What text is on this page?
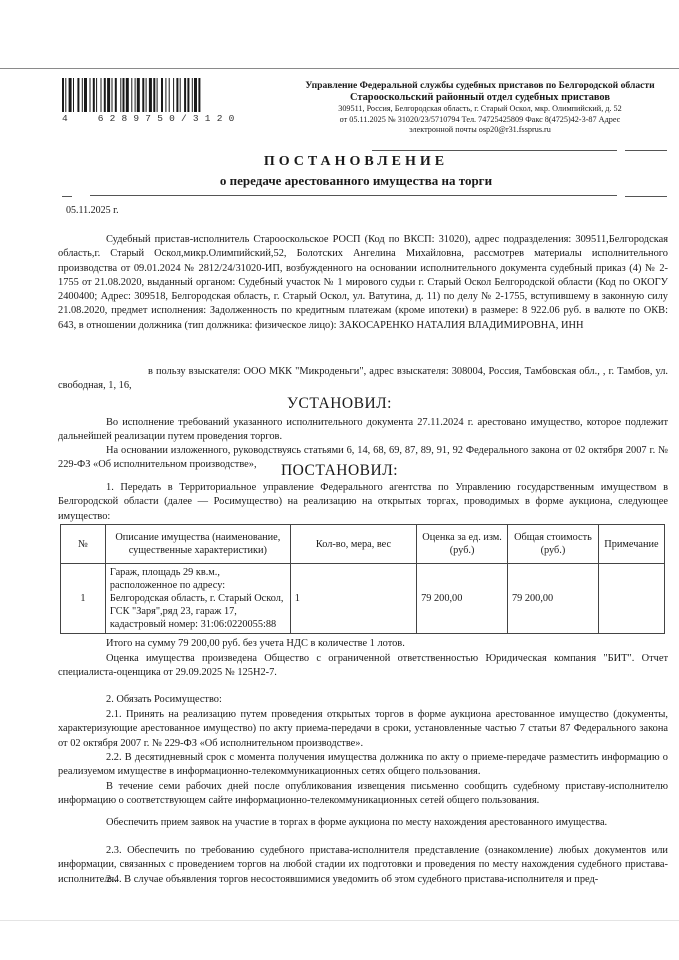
4  6289750/3120
Управление Федеральной службы судебных приставов по Белгородской области
Старооскольский районный отдел судебных приставов
309511, Россия, Белгородская область, г. Старый Оскол, мкр. Олимпийский, д. 52
от 05.11.2025 № 31020/23/5710794 Тел. 74725425809 Факс 8(4725)42-3-87 Адрес
электронной почты osp20@r31.fssprus.ru
ПОСТАНОВЛЕНИЕ
о передаче арестованного имущества на торги
05.11.2025 г.
Судебный пристав-исполнитель Старооскольское РОСП (Код по ВКСП: 31020), адрес подразделения: 309511,Белгородская область,г. Старый Оскол,микр.Олимпийский,52, Болотских Ангелина Михайловна, рассмотрев материалы исполнительного производства от 09.01.2024 № 2812/24/31020-ИП, возбужденного на основании исполнительного документа судебный приказ (4) № 2-1755 от 21.08.2020, выданный органом: Судебный участок № 1 мирового судьи г. Старый Оскол Белгородской области (Код по ОКОГУ 2400400; Адрес: 309518, Белгородская область, г. Старый Оскол, ул. Ватутина, д. 11) по делу № 2-1755, вступившему в законную силу 21.08.2020, предмет исполнения: Задолженность по кредитным платежам (кроме ипотеки) в размере: 8 922.06 руб. в валюте по ОКВ: 643, в отношении должника (тип должника: физическое лицо): ЗАКОСАРЕНКО НАТАЛИЯ ВЛАДИМИРОВНА, ИНН
в пользу взыскателя: ООО МКК "Микроденьги", адрес взыскателя: 308004, Россия, Тамбовская обл., , г. Тамбов, ул. свободная, 1, 16,
УСТАНОВИЛ:
Во исполнение требований указанного исполнительного документа 27.11.2024 г. арестовано имущество, которое подлежит дальнейшей реализации путем проведения торгов.
На основании изложенного, руководствуясь статьями 6, 14, 68, 69, 87, 89, 91, 92 Федерального закона от 02 октября 2007 г. № 229-ФЗ «Об исполнительном производстве»,	ПОСТАНОВИЛ:
1. Передать в Территориальное управление Федерального агентства по Управлению государственным имуществом в Белгородской области (далее — Росимущество) на реализацию на открытых торгах, проводимых в форме аукциона, следующее имущество:
№	Описание имущества (наименование, существенные характеристики)	Кол-во, мера, вес	Оценка за ед. изм. (руб.)	Общая стоимость (руб.)	Примечание
1	Гараж, площадь 29 кв.м., расположенное по адресу: Белгородская область, г. Старый Оскол, ГСК "Заря",ряд 23, гараж 17, кадастровый номер: 31:06:0220055:88	1	79 200,00	79 200,00	
Итого на сумму 79 200,00 руб. без учета НДС в количестве 1 лотов.
Оценка имущества произведена Общество с ограниченной ответственностью Юридическая компания "БИТ". Отчет специалиста-оценщика от 29.09.2025 № 125Н2-7.
2. Обязать Росимущество:
2.1. Принять на реализацию путем проведения открытых торгов в форме аукциона арестованное имущество (документы, характеризующие арестованное имущество) по акту приема-передачи в сроки, установленные частью 7 статьи 87 Федерального закона от 02 октября 2007 г. № 229-ФЗ «Об исполнительном производстве».
2.2. В десятидневный срок с момента получения имущества должника по акту о приеме-передаче разместить информацию о реализуемом имуществе в информационно-телекоммуникационных сетях общего пользования.
В течение семи рабочих дней после опубликования извещения письменно сообщить судебному приставу-исполнителю информацию о соответствующем сайте информационно-телекоммуникационных сетей общего пользования.
Обеспечить прием заявок на участие в торгах в форме аукциона по месту нахождения арестованного имущества.
2.3. Обеспечить по требованию судебного пристава-исполнителя представление (ознакомление) любых документов или информации, связанных с проведением торгов на любой стадии их подготовки и проведения по месту нахождения судебного пристава-исполнителя.
2.4. В случае объявления торгов несостоявшимися уведомить об этом судебного пристава-исполнителя и пред-
